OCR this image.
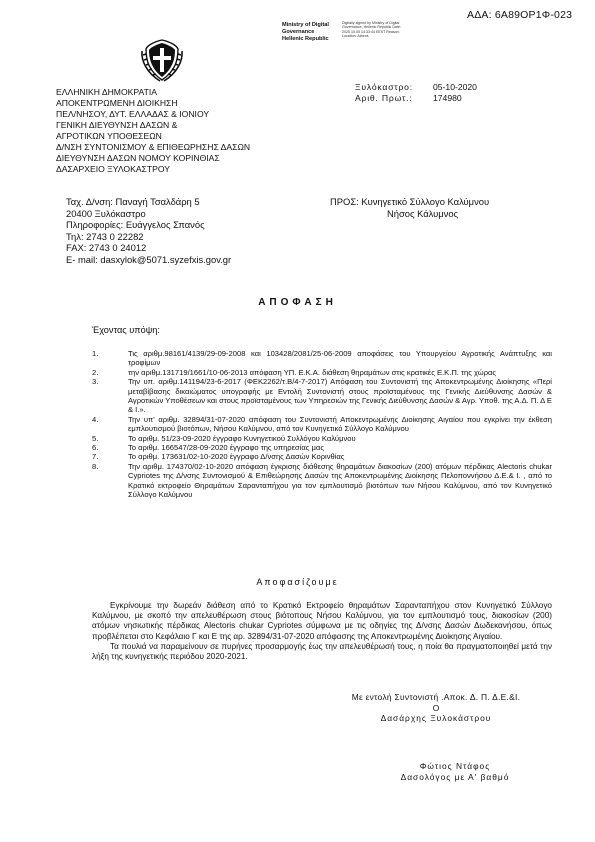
ΑΔΑ: 6Α89ΟΡ1Φ-023
Ministry of Digital
Governance
Hellenic Republic
Digitally signed by Ministry of Digital Governance, Hellenic Republic Date: 2020.10.05 14:33:44 EEST Reason: Location: Athens
ΕΛΛΗΝΙΚΗ ΔΗΜΟΚΡΑΤΙΑ
ΑΠΟΚΕΝΤΡΩΜΕΝΗ ΔΙΟΙΚΗΣΗ
ΠΕΛ/ΝΗΣΟΥ, ΔΥΤ. ΕΛΛΑΔΑΣ & ΙΟΝΙΟΥ
ΓΕΝΙΚΗ ΔΙΕΥΘΥΝΣΗ ΔΑΣΩΝ &
ΑΓΡΟΤΙΚΩΝ ΥΠΟΘΕΣΕΩΝ
Δ/ΝΣΗ ΣΥΝΤΟΝΙΣΜΟΥ & ΕΠΙΘΕΩΡΗΣΗΣ ΔΑΣΩΝ
ΔΙΕΥΘΥΝΣΗ ΔΑΣΩΝ ΝΟΜΟΥ ΚΟΡΙΝΘΙΑΣ
ΔΑΣΑΡΧΕΙΟ ΞΥΛΟΚΑΣΤΡΟΥ
Ξυλόκαστρο: 05-10-2020
Αριθ. Πρωτ.: 174980
Ταχ. Δ/νση: Παναγή Τσαλδάρη 5
20400 Ξυλόκαστρο
Πληροφορίες: Ευάγγελος Σπανός
Τηλ: 2743 0 22282
FAX: 2743 0 24012
E- mail: dasxylok@5071.syzefxis.gov.gr
ΠΡΟΣ: Κυνηγετικό Σύλλογο Καλύμνου
Νήσος Κάλυμνος
ΑΠΟΦΑΣΗ
Έχοντας υπόψη:
1.	Τις αριθμ.98161/4139/29-09-2008 και 103428/2081/25-06-2009 αποφάσεις του Υπουργείου Αγροτικής Ανάπτυξης και τροφίμων
2.	την αριθμ.131719/1661/10-06-2013 απόφαση ΥΠ. Ε.Κ.Α. διάθεση θηραμάτων στις κρατικές Ε.Κ.Π. της χώρας
3.	Την υπ. αριθμ.141194/23-6-2017 (ΦΕΚ2262/τ.Β/4-7-2017) Απόφαση του Συντονιστή της Αποκεντρωμένης Διοίκησης «Περί μεταβίβασης δικαιώματος υπογραφής με Εντολή Συντονιστή στους προϊσταμένους της Γενικής Διεύθυνσης Δασών & Αγροτικών Υποθέσεων και στους προϊσταμένους των Υπηρεσιών της Γενικής Διεύθυνσης Δασών & Αγρ. Υποθ. της Α.Δ. Π. Δ Ε & Ι.».
4.	Την υπ' αριθμ. 32894/31-07-2020 απόφαση του Συντονιστή Αποκεντρωμένης Διοίκησης Αιγαίου που εγκρίνει την έκθεση εμπλουτισμού βιοτόπων, Νήσου Καλύμνου, από τον Κυνηγετικό Σύλλογο Καλύμνου
5.	Το αριθμ. 51/23-09-2020 έγγραφο Κυνηγετικού Συλλόγου Καλύμνου
6.	Το αριθμ. 166547/28-09-2020 έγγραφο της υπηρεσίας μας
7.	Το αριθμ. 173631/02-10-2020 έγγραφο Δ/νσης Δασών Κορινθίας
8.	Την αριθμ. 174370/02-10-2020 απόφαση έγκρισης διάθεσης θηραμάτων διακοσίων (200) ατόμων πέρδικας Alectoris chukar Cypriotes της Δ/νσης Συντονισμού & Επιθεώρησης Δασών της Αποκεντρωμένης Διοίκησης Πελοποννήσου Δ.Ε.& Ι. , από το Κρατικό εκτροφείο Θηραμάτων Σαρανταπήχου για τον εμπλουτισμό βιοτόπων των Νήσου Καλύμνου, από τον Κυνηγετικό Σύλλογο Καλύμνου
Αποφασίζουμε

Εγκρίνουμε την δωρεάν διάθεση από το Κρατικό Εκτροφείο θηραμάτων Σαρανταπήχου στον Κυνηγετικό Σύλλογο Καλύμνου, με σκοπό την απελευθέρωση στους βιότοπους Νήσου Καλύμνου, για τον εμπλουτισμό τους, διακοσίων (200) ατόμων νησιωτικής πέρδικας Alectoris chukar Cypriotes σύμφωνα με τις οδηγίες της Δ/νσης Δασών Δωδεκανήσου, όπως προβλέπεται στο Κεφάλαιο Γ και Ε της αρ. 32894/31-07-2020 απόφασης της Αποκεντρωμένης Διοίκησης Αιγαίου.

Τα πουλιά να παραμείνουν σε πυρήνες προσαρμογής έως την απελευθέρωσή τους, η ποία θα πραγματοποιηθεί μετά την λήξη της κυνηγετικής περιόδου 2020-2021.

Με εντολή Συντονιστή .Αποκ. Δ. Π. Δ.Ε.&Ι.
Ο
Δασάρχης Ξυλοκάστρου
Φώτιος Ντάφος
Δασολόγος με Α' βαθμό
